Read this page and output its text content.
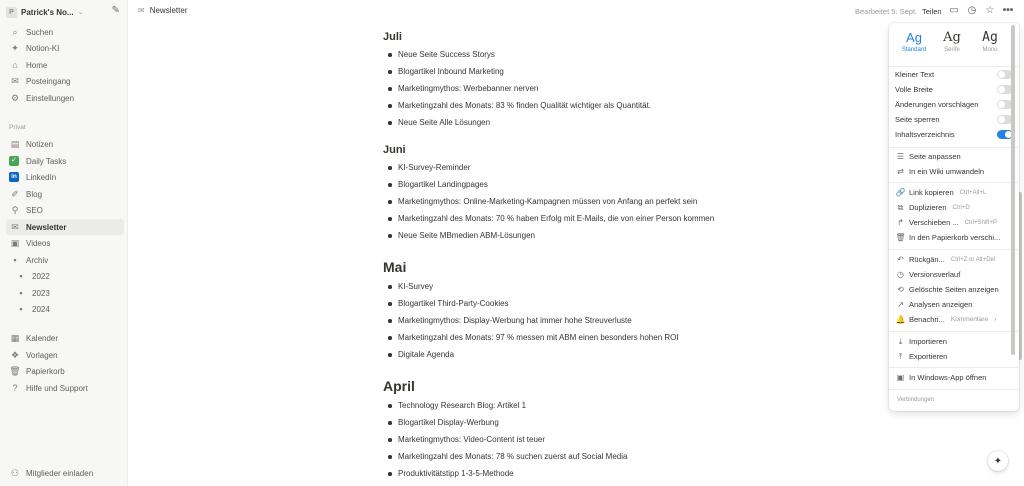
P Patrick's No... ⌄	✎
⌕	Suchen
✦ Notion-KI
⌂	Home
✉ Posteingang
⚙ Einstellungen
Privat
▤ Notizen
✓ Daily Tasks
in LinkedIn
✐ Blog
⚲ SEO
✉ Newsletter
▣ Videos
▪	Archiv
▪	2022
▪	2023
▪	2024
▦ Kalender
❖ Vorlagen
🗑 Papierkorb
?	Hilfe und Support
⚇ Mitglieder einladen
✉ Newsletter	Bearbeitet 5. Sept. Teilen ▭ ◷ ☆ •••
Juli
Neue Seite Success Storys
Blogartikel Inbound Marketing
Marketingmythos: Werbebanner nerven
Marketingzahl des Monats: 83 % finden Qualität wichtiger als Quantität.
Neue Seite Alle Lösungen
Juni
KI-Survey-Reminder
Blogartikel Landingpages
Marketingmythos: Online-Marketing-Kampagnen müssen von Anfang an perfekt sein
Marketingzahl des Monats: 70 % haben Erfolg mit E-Mails, die von einer Person kommen
Neue Seite MBmedien ABM-Lösungen
Mai
KI-Survey
Blogartikel Third-Party-Cookies
Marketingmythos: Display-Werbung hat immer hohe Streuverluste
Marketingzahl des Monats: 97 % messen mit ABM einen besonders hohen ROI
Digitale Agenda
April
Technology Research Blog: Artikel 1
Blogartikel Display-Werbung
Marketingmythos: Video-Content ist teuer
Marketingzahl des Monats: 78 % suchen zuerst auf Social Media
Produktivitätstipp 1-3-5-Methode
Ag
Standard
Ag
Serife
Ag
Mono
Kleiner Text
Volle Breite
Änderungen vorschlagen
Seite sperren
Inhaltsverzeichnis
☰ Seite anpassen
⇄ In ein Wiki umwandeln
🔗 Link kopieren Ctrl+Alt+L
⧉ Duplizieren Ctrl+D
↱ Verschieben ... Ctrl+Shift+P
🗑 In den Papierkorb verschi...
↶ Rückgän... Ctrl+Z or Alt+Del
◷ Versionsverlauf
⟲ Gelöschte Seiten anzeigen
↗ Analysen anzeigen
🔔 Benachri... Kommentare ›
⤓ Importieren
⤒ Exportieren
▣ In Windows-App öffnen
Verbindungen
✦
